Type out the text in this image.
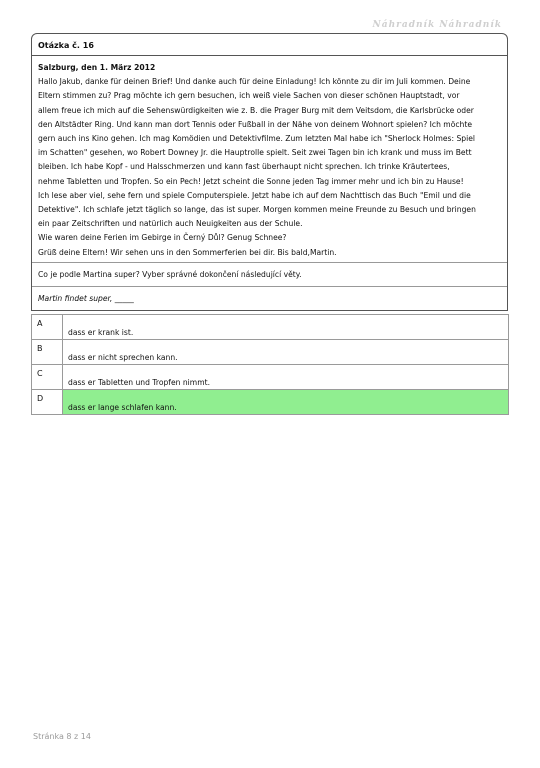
Náhradník Náhradník
Otázka č. 16
Salzburg, den 1. März 2012
Hallo Jakub, danke für deinen Brief! Und danke auch für deine Einladung! Ich könnte zu dir im Juli kommen. Deine
Eltern stimmen zu? Prag möchte ich gern besuchen, ich weiß viele Sachen von dieser schönen Hauptstadt, vor
allem freue ich mich auf die Sehenswürdigkeiten wie z. B. die Prager Burg mit dem Veitsdom, die Karlsbrücke oder
den Altstädter Ring. Und kann man dort Tennis oder Fußball in der Nähe von deinem Wohnort spielen? Ich möchte
gern auch ins Kino gehen. Ich mag Komödien und Detektivfilme. Zum letzten Mal habe ich "Sherlock Holmes: Spiel
im Schatten" gesehen, wo Robert Downey Jr. die Hauptrolle spielt. Seit zwei Tagen bin ich krank und muss im Bett
bleiben. Ich habe Kopf - und Halsschmerzen und kann fast überhaupt nicht sprechen. Ich trinke Kräutertees,
nehme Tabletten und Tropfen. So ein Pech! Jetzt scheint die Sonne jeden Tag immer mehr und ich bin zu Hause!
Ich lese aber viel, sehe fern und spiele Computerspiele. Jetzt habe ich auf dem Nachttisch das Buch "Emil und die
Detektive". Ich schlafe jetzt täglich so lange, das ist super. Morgen kommen meine Freunde zu Besuch und bringen
ein paar Zeitschriften und natürlich auch Neuigkeiten aus der Schule.
Wie waren deine Ferien im Gebirge in Černý Důl? Genug Schnee?
Grüß deine Eltern! Wir sehen uns in den Sommerferien bei dir. Bis bald,Martin.
Co je podle Martina super? Vyber správné dokončení následující věty.
Martin findet super, _____
A	dass er krank ist.
B	dass er nicht sprechen kann.
C	dass er Tabletten und Tropfen nimmt.
D	dass er lange schlafen kann.
Stránka 8 z 14
